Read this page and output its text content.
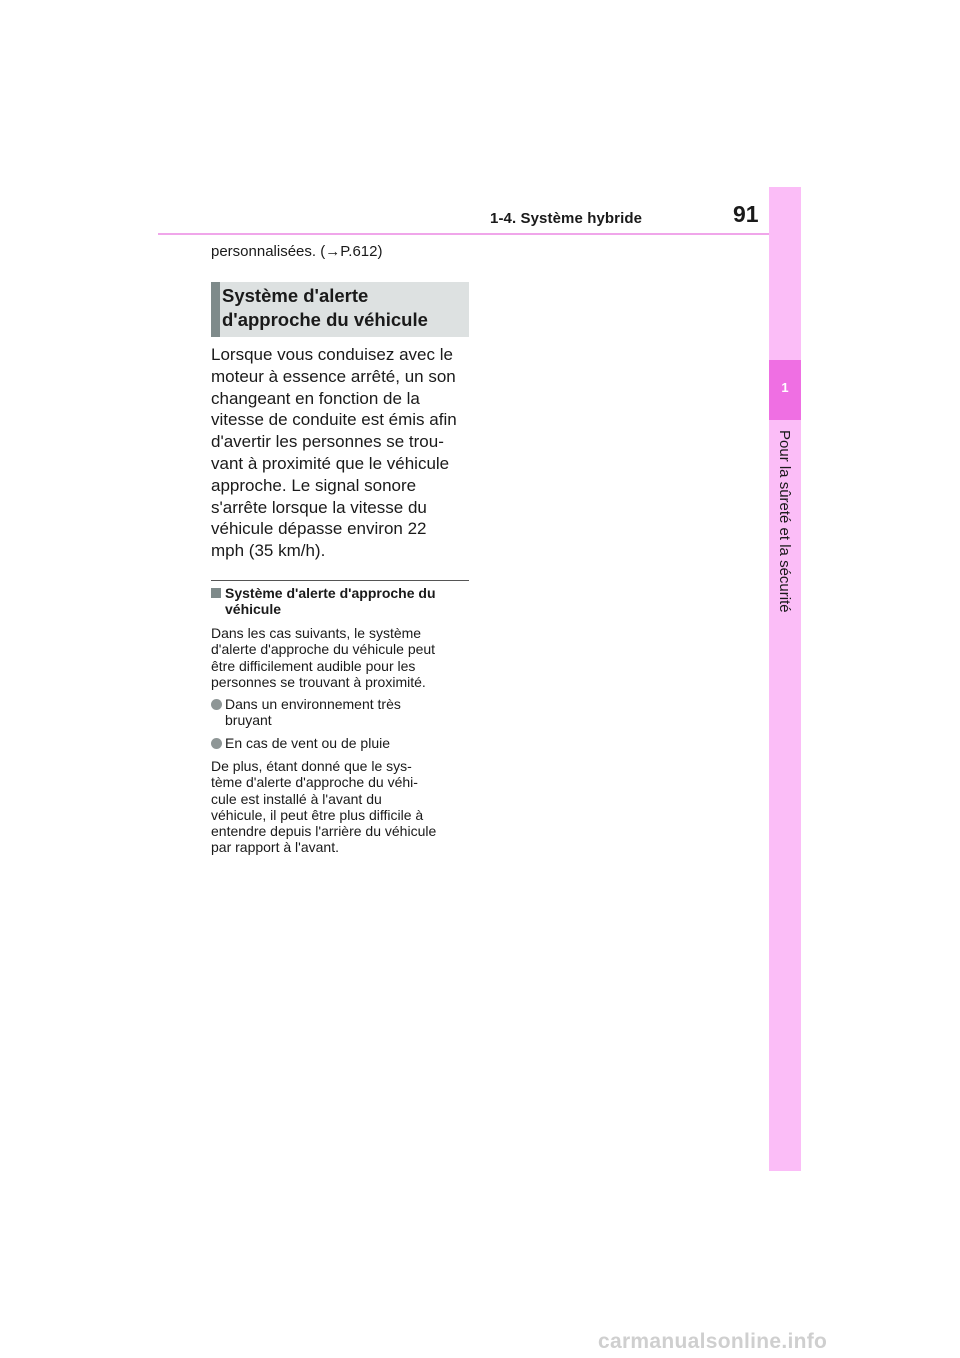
1-4. Système hybride	91
1
Pour la sûreté et la sécurité
personnalisées. (→P.612)
Système d'alerte
d'approche du véhicule
Lorsque vous conduisez avec le
moteur à essence arrêté, un son
changeant en fonction de la
vitesse de conduite est émis afin
d'avertir les personnes se trou-
vant à proximité que le véhicule
approche. Le signal sonore
s'arrête lorsque la vitesse du
véhicule dépasse environ 22
mph (35 km/h).
Système d'alerte d'approche du
véhicule
Dans les cas suivants, le système
d'alerte d'approche du véhicule peut
être difficilement audible pour les
personnes se trouvant à proximité.
Dans un environnement très
bruyant
En cas de vent ou de pluie
De plus, étant donné que le sys-
tème d'alerte d'approche du véhi-
cule est installé à l'avant du
véhicule, il peut être plus difficile à
entendre depuis l'arrière du véhicule
par rapport à l'avant.
carmanualsonline.info
